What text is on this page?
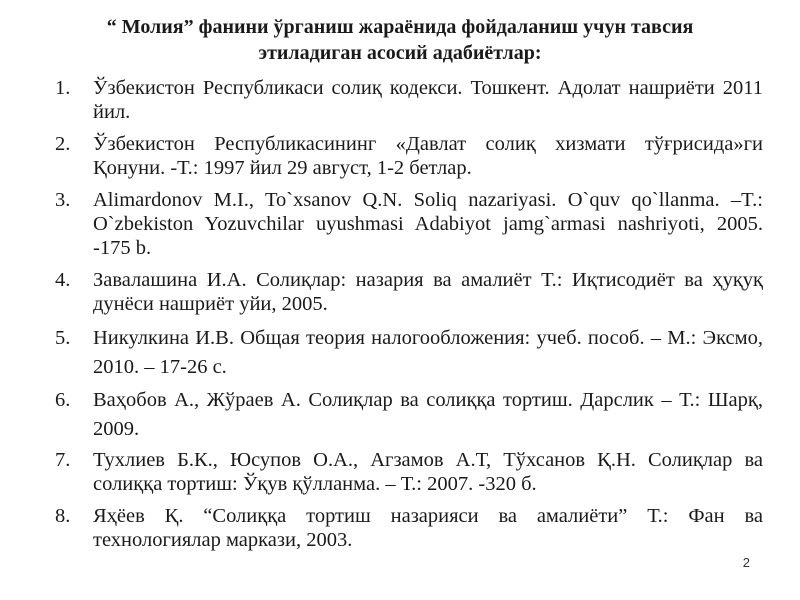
“ Молия” фанини ўрганиш жараёнида фойдаланиш учун тавсия
этиладиган асосий адабиётлар:
1. Ўзбекистон Республикаси солиқ кодекси. Тошкент. Адолат нашриёти 2011 йил.
2. Ўзбекистон Республикасининг «Давлат солиқ хизмати тўғрисида»ги Қонуни. -Т.: 1997 йил 29 август, 1-2 бетлар.
3. Alimardonov M.I., To`xsanov Q.N. Soliq nazariyasi. O`quv qo`llanma. –T.: O`zbekiston Yozuvchilar uyushmasi Adabiyot jamg`armasi nashriyoti, 2005. -175 b.
4. Завалашина И.А. Солиқлар: назария ва амалиёт Т.: Иқтисодиёт ва ҳуқуқ дунёси нашриёт уйи, 2005.
5. Никулкина И.В. Общая теория налогообложения: учеб. пособ. – М.: Эксмо, 2010. – 17-26 с.
6. Ваҳобов А., Жўраев А. Солиқлар ва солиққа тортиш. Дарслик – Т.: Шарқ, 2009.
7. Тухлиев Б.К., Юсупов О.А., Агзамов А.Т, Тўхсанов Қ.Н. Солиқлар ва солиққа тортиш: Ўқув қўлланма. – Т.: 2007. -320 б.
8. Яҳёев Қ. “Солиққа тортиш назарияси ва амалиёти” Т.: Фан ва технологиялар маркази, 2003.
2
